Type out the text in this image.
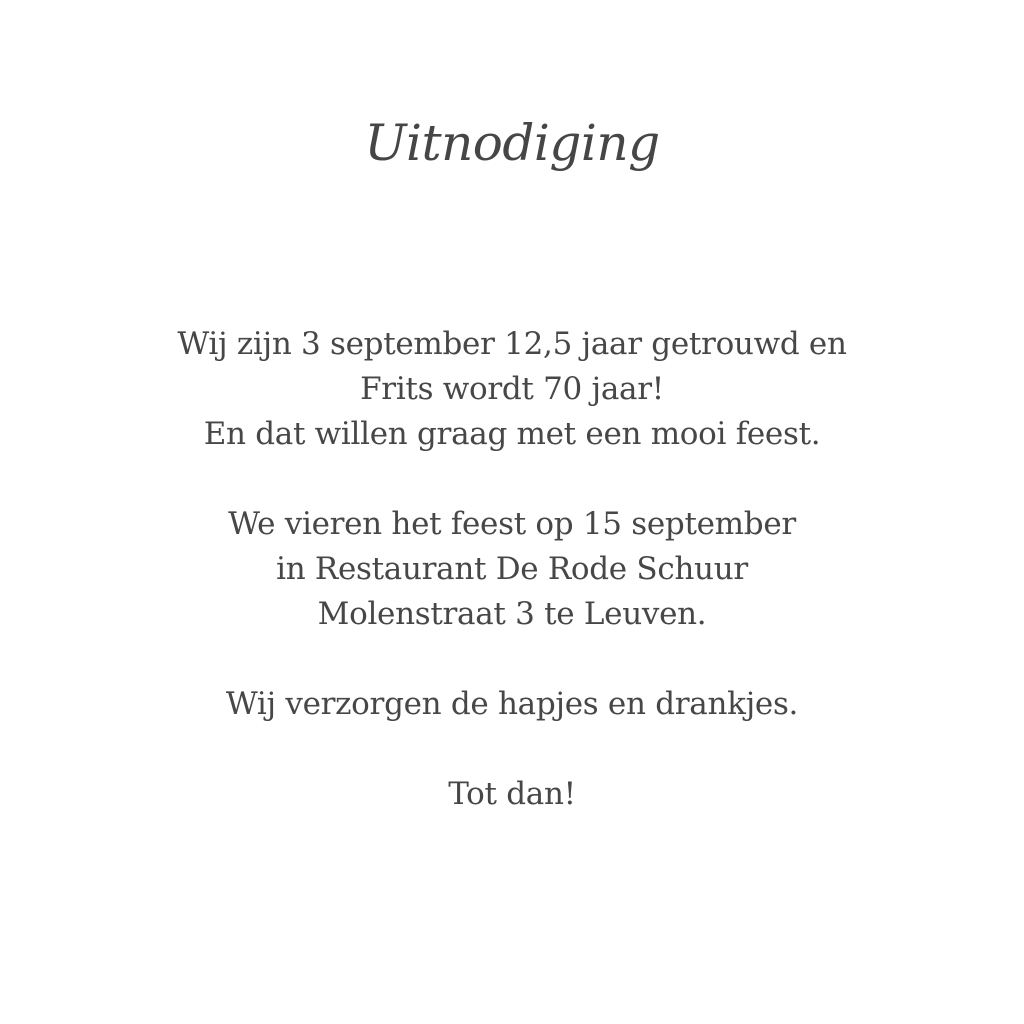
Uitnodiging
Wij zijn 3 september 12,5 jaar getrouwd en
Frits wordt 70 jaar!
En dat willen graag met een mooi feest.
We vieren het feest op 15 september
in Restaurant De Rode Schuur
Molenstraat 3 te Leuven.
Wij verzorgen de hapjes en drankjes.
Tot dan!
